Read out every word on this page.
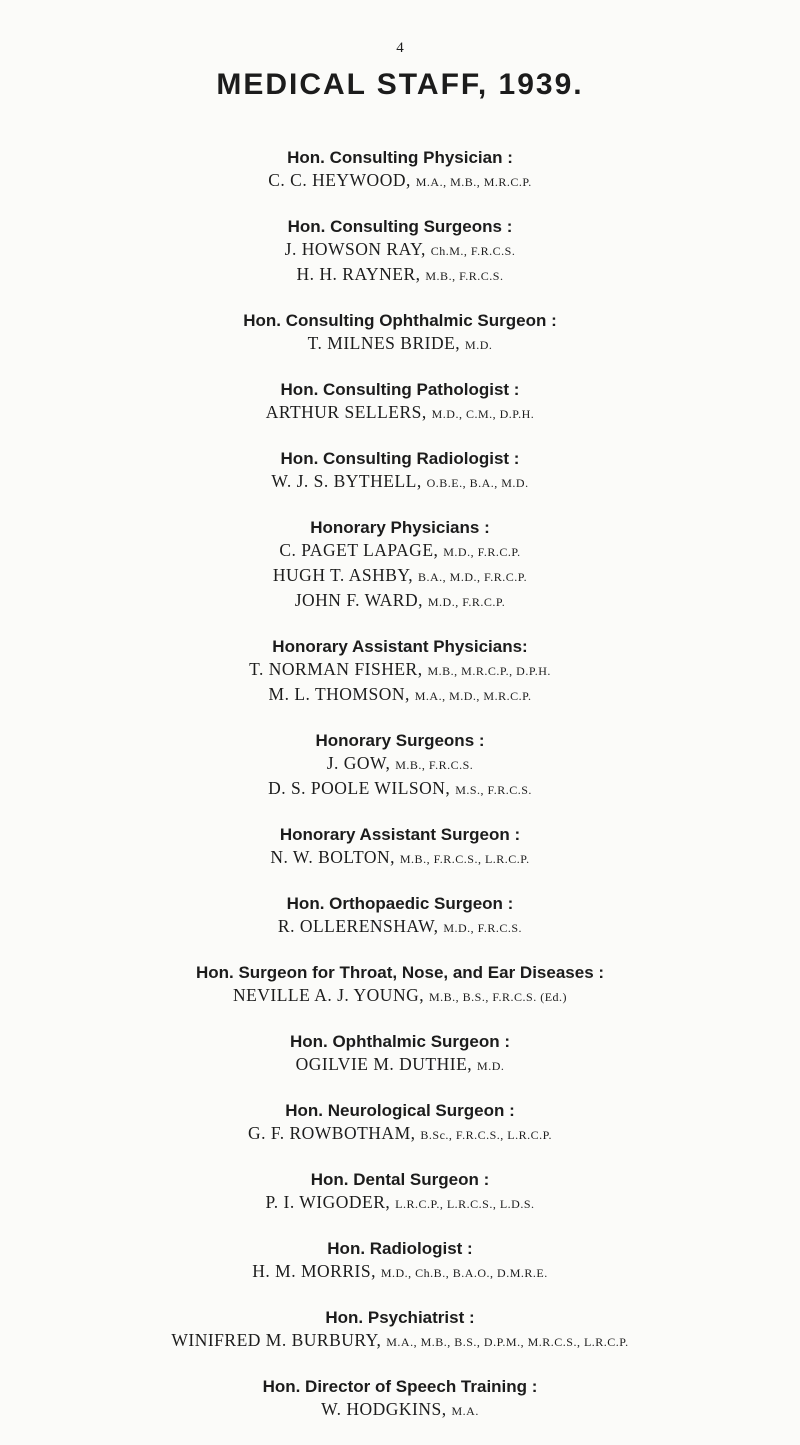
4
MEDICAL STAFF, 1939.
Hon. Consulting Physician :
C. C. HEYWOOD, M.A., M.B., M.R.C.P.
Hon. Consulting Surgeons :
J. HOWSON RAY, Ch.M., F.R.C.S.
H. H. RAYNER, M.B., F.R.C.S.
Hon. Consulting Ophthalmic Surgeon :
T. MILNES BRIDE, M.D.
Hon. Consulting Pathologist :
ARTHUR SELLERS, M.D., C.M., D.P.H.
Hon. Consulting Radiologist :
W. J. S. BYTHELL, O.B.E., B.A., M.D.
Honorary Physicians :
C. PAGET LAPAGE, M.D., F.R.C.P.
HUGH T. ASHBY, B.A., M.D., F.R.C.P.
JOHN F. WARD, M.D., F.R.C.P.
Honorary Assistant Physicians:
T. NORMAN FISHER, M.B., M.R.C.P., D.P.H.
M. L. THOMSON, M.A., M.D., M.R.C.P.
Honorary Surgeons :
J. GOW, M.B., F.R.C.S.
D. S. POOLE WILSON, M.S., F.R.C.S.
Honorary Assistant Surgeon :
N. W. BOLTON, M.B., F.R.C.S., L.R.C.P.
Hon. Orthopaedic Surgeon :
R. OLLERENSHAW, M.D., F.R.C.S.
Hon. Surgeon for Throat, Nose, and Ear Diseases :
NEVILLE A. J. YOUNG, M.B., B.S., F.R.C.S. (Ed.)
Hon. Ophthalmic Surgeon :
OGILVIE M. DUTHIE, M.D.
Hon. Neurological Surgeon :
G. F. ROWBOTHAM, B.Sc., F.R.C.S., L.R.C.P.
Hon. Dental Surgeon :
P. I. WIGODER, L.R.C.P., L.R.C.S., L.D.S.
Hon. Radiologist :
H. M. MORRIS, M.D., Ch.B., B.A.O., D.M.R.E.
Hon. Psychiatrist :
WINIFRED M. BURBURY, M.A., M.B., B.S., D.P.M., M.R.C.S., L.R.C.P.
Hon. Director of Speech Training :
W. HODGKINS, M.A.
